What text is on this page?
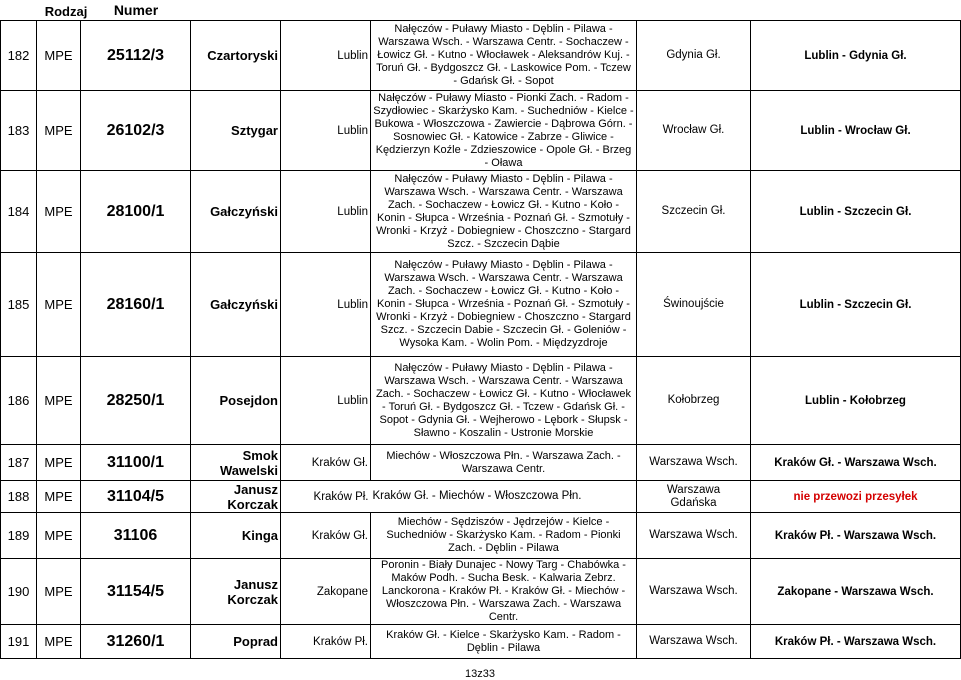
Rodzaj	Numer
182	MPE	25112/3	Czartoryski	Lublin	Nałęczów - Puławy Miasto - Dęblin - Pilawa - Warszawa Wsch. - Warszawa Centr. - Sochaczew - Łowicz Gł. - Kutno - Włocławek - Aleksandrów Kuj. - Toruń Gł. - Bydgoszcz Gł. - Laskowice Pom. - Tczew - Gdańsk Gł. - Sopot	Gdynia Gł.	Lublin - Gdynia Gł.
183	MPE	26102/3	Sztygar	Lublin	Nałęczów - Puławy Miasto - Pionki Zach. - Radom - Szydłowiec - Skarżysko Kam. - Suchedniów - Kielce - Bukowa - Włoszczowa - Zawiercie - Dąbrowa Górn. - Sosnowiec Gł. - Katowice - Zabrze - Gliwice - Kędzierzyn Koźle - Zdzieszowice - Opole Gł. - Brzeg - Oława	Wrocław Gł.	Lublin - Wrocław Gł.
184	MPE	28100/1	Gałczyński	Lublin	Nałęczów - Puławy Miasto - Dęblin - Pilawa - Warszawa Wsch. - Warszawa Centr. - Warszawa Zach. - Sochaczew - Łowicz Gł. - Kutno - Koło - Konin - Słupca - Września - Poznań Gł. - Szmotuły - Wronki - Krzyż - Dobiegniew - Choszczno - Stargard Szcz. - Szczecin Dąbie	Szczecin Gł.	Lublin - Szczecin Gł.
185	MPE	28160/1	Gałczyński	Lublin	Nałęczów - Puławy Miasto - Dęblin - Pilawa - Warszawa Wsch. - Warszawa Centr. - Warszawa Zach. - Sochaczew - Łowicz Gł. - Kutno - Koło - Konin - Słupca - Września - Poznań Gł. - Szmotuły - Wronki - Krzyż - Dobiegniew - Choszczno - Stargard Szcz. - Szczecin Dabie - Szczecin Gł. - Goleniów - Wysoka Kam. - Wolin Pom. - Międzyzdroje	Świnoujście	Lublin - Szczecin Gł.
186	MPE	28250/1	Posejdon	Lublin	Nałęczów - Puławy Miasto - Dęblin - Pilawa - Warszawa Wsch. - Warszawa Centr. - Warszawa Zach. - Sochaczew - Łowicz Gł. - Kutno - Włocławek - Toruń Gł. - Bydgoszcz Gł. - Tczew - Gdańsk Gł. - Sopot - Gdynia Gł. - Wejherowo - Lębork - Słupsk - Sławno - Koszalin - Ustronie Morskie	Kołobrzeg	Lublin - Kołobrzeg
187	MPE	31100/1	Smok Wawelski	Kraków Gł.	Miechów - Włoszczowa Płn. - Warszawa Zach. - Warszawa Centr.	Warszawa Wsch.	Kraków Gł. - Warszawa Wsch.
188	MPE	31104/5	Janusz Korczak	Kraków Pł.	Kraków Gł. - Miechów - Włoszczowa Płn.	Warszawa Gdańska	nie przewozi przesyłek
189	MPE	31106	Kinga	Kraków Gł.	Miechów - Sędziszów - Jędrzejów - Kielce - Suchedniów - Skarżysko Kam. - Radom - Pionki Zach. - Dęblin - Pilawa	Warszawa Wsch.	Kraków Pł. - Warszawa Wsch.
190	MPE	31154/5	Janusz Korczak	Zakopane	Poronin - Biały Dunajec - Nowy Targ - Chabówka - Maków Podh. - Sucha Besk. - Kalwaria Zebrz. Lanckorona - Kraków Pł. - Kraków Gł. - Miechów - Włoszczowa Płn. - Warszawa Zach. - Warszawa Centr.	Warszawa Wsch.	Zakopane - Warszawa Wsch.
191	MPE	31260/1	Poprad	Kraków Pł.	Kraków Gł. - Kielce - Skarżysko Kam. - Radom - Dęblin - Pilawa	Warszawa Wsch.	Kraków Pł. - Warszawa Wsch.
13z33
